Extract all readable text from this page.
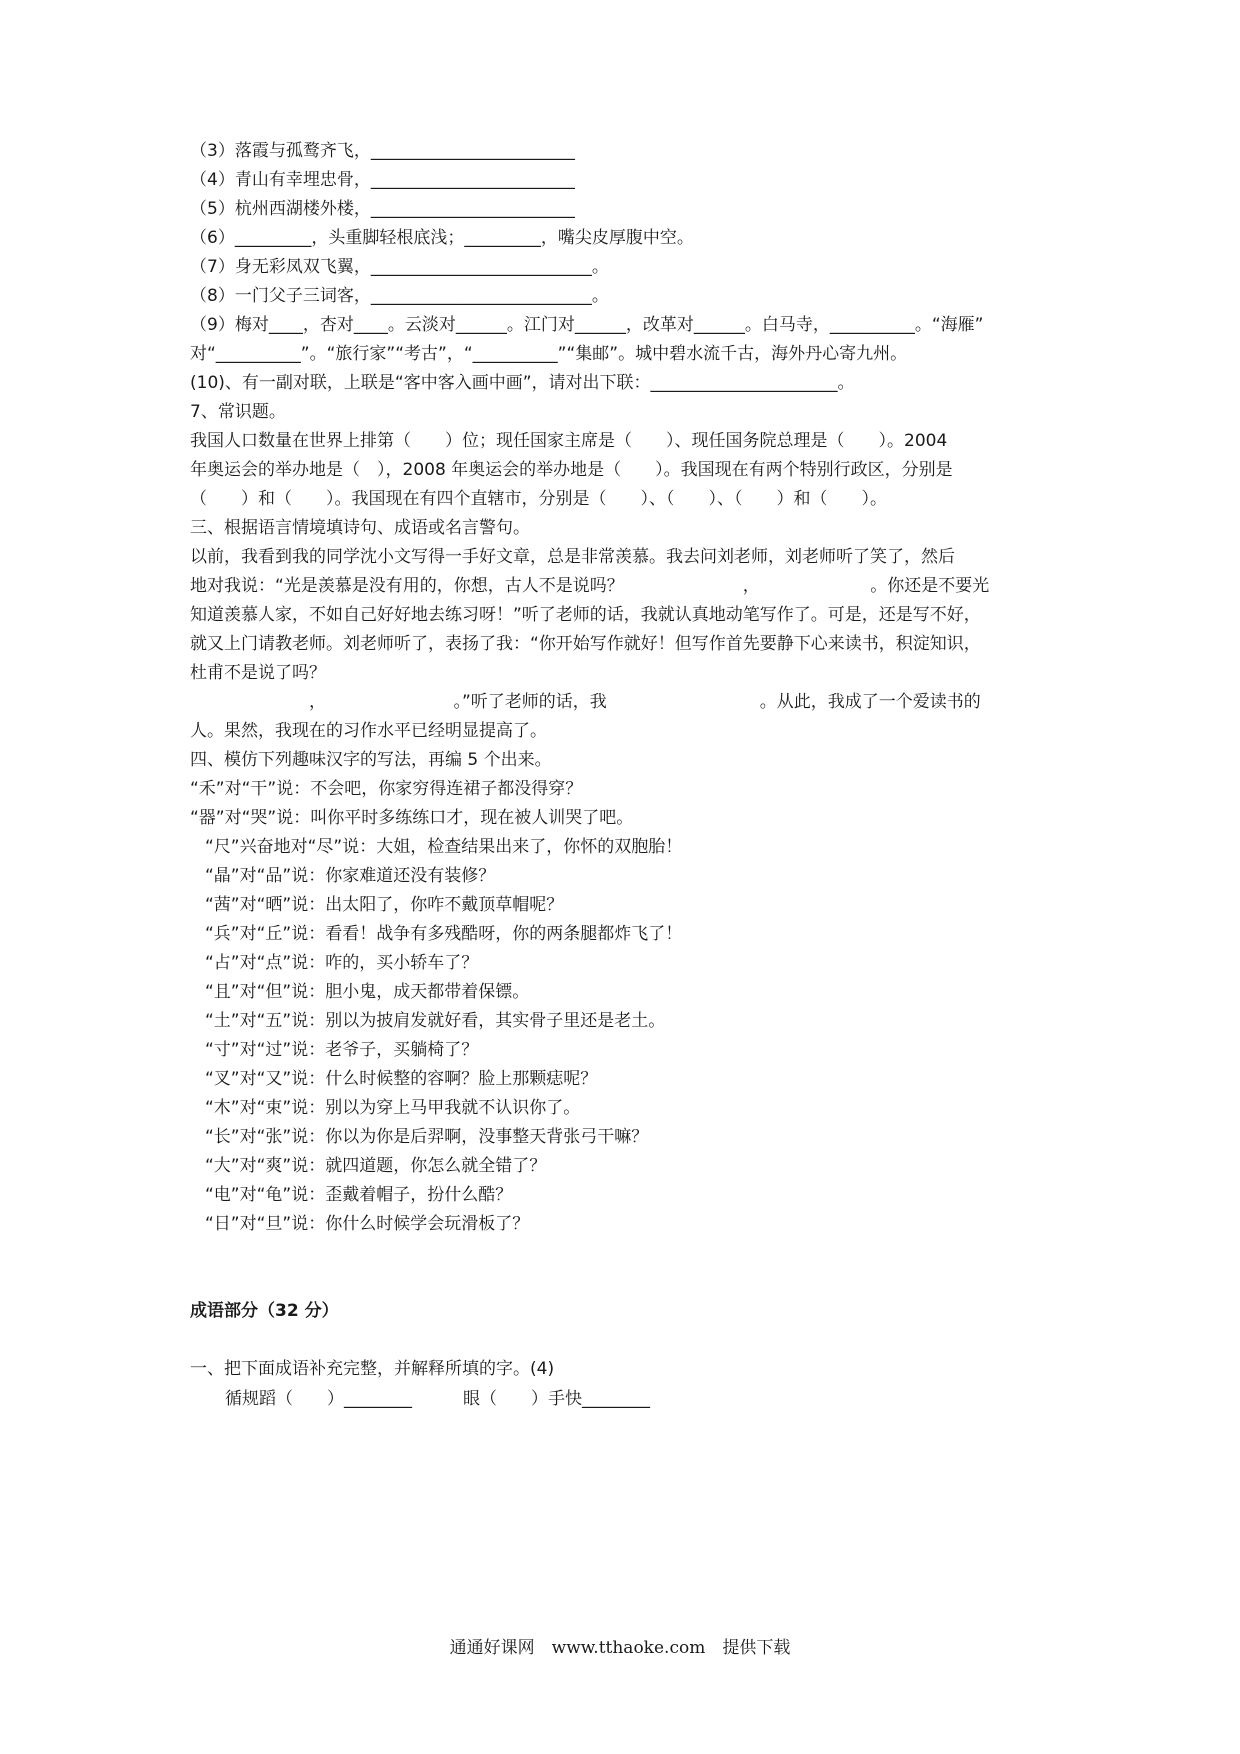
（3）落霞与孤鹜齐飞，________________________
（4）青山有幸埋忠骨，________________________
（5）杭州西湖楼外楼，________________________
（6）_________，头重脚轻根底浅；_________，嘴尖皮厚腹中空。
（7）身无彩凤双飞翼，__________________________。
（8）一门父子三词客，__________________________。
（9）梅对____，杏对____。云淡对______。江门对______，改革对______。白马寺，__________。“海雁”
对“__________”。“旅行家”“考古”，“__________”“集邮”。城中碧水流千古，海外丹心寄九州。
(10)、有一副对联，上联是“客中客入画中画”，请对出下联：______________________。
7、常识题。
我国人口数量在世界上排第（　　）位；现任国家主席是（　　）、现任国务院总理是（　　）。2004
年奥运会的举办地是（　），2008 年奥运会的举办地是（　　）。我国现在有两个特别行政区，分别是
（　　）和（　　）。我国现在有四个直辖市，分别是（　　）、（　　）、（　　）和（　　）。
三、根据语言情境填诗句、成语或名言警句。
以前，我看到我的同学沈小文写得一手好文章，总是非常羡慕。我去问刘老师，刘老师听了笑了，然后
地对我说：“光是羡慕是没有用的，你想，古人不是说吗？　　　　　　　，　　　　　　　。你还是不要光
知道羡慕人家，不如自己好好地去练习呀！”听了老师的话，我就认真地动笔写作了。可是，还是写不好，
就又上门请教老师。刘老师听了，表扬了我：“你开始写作就好！但写作首先要静下心来读书，积淀知识，
杜甫不是说了吗？
　　　　　　　，　　　　　　　　。”听了老师的话，我　　　　　　　　　。从此，我成了一个爱读书的
人。果然，我现在的习作水平已经明显提高了。
四、模仿下列趣味汉字的写法，再编 5 个出来。
“禾”对“干”说：不会吧，你家穷得连裙子都没得穿？
“器”对“哭”说：叫你平时多练练口才，现在被人训哭了吧。
“尺”兴奋地对“尽”说：大姐，检查结果出来了，你怀的双胞胎！
“晶”对“品”说：你家难道还没有装修？
“茜”对“晒”说：出太阳了，你咋不戴顶草帽呢？
“兵”对“丘”说：看看！战争有多残酷呀，你的两条腿都炸飞了！
“占”对“点”说：咋的，买小轿车了？
“且”对“但”说：胆小鬼，成天都带着保镖。
“土”对“五”说：别以为披肩发就好看，其实骨子里还是老土。
“寸”对“过”说：老爷子，买躺椅了？
“叉”对“又”说：什么时候整的容啊？脸上那颗痣呢？
“木”对“束”说：别以为穿上马甲我就不认识你了。
“长”对“张”说：你以为你是后羿啊，没事整天背张弓干嘛？
“大”对“爽”说：就四道题，你怎么就全错了？
“电”对“龟”说：歪戴着帽子，扮什么酷？
“日”对“旦”说：你什么时候学会玩滑板了？
成语部分（32 分）
一、把下面成语补充完整，并解释所填的字。(4)
循规蹈（　　）________　　　眼（　　）手快________
通通好课网　www.tthaoke.com　提供下载
